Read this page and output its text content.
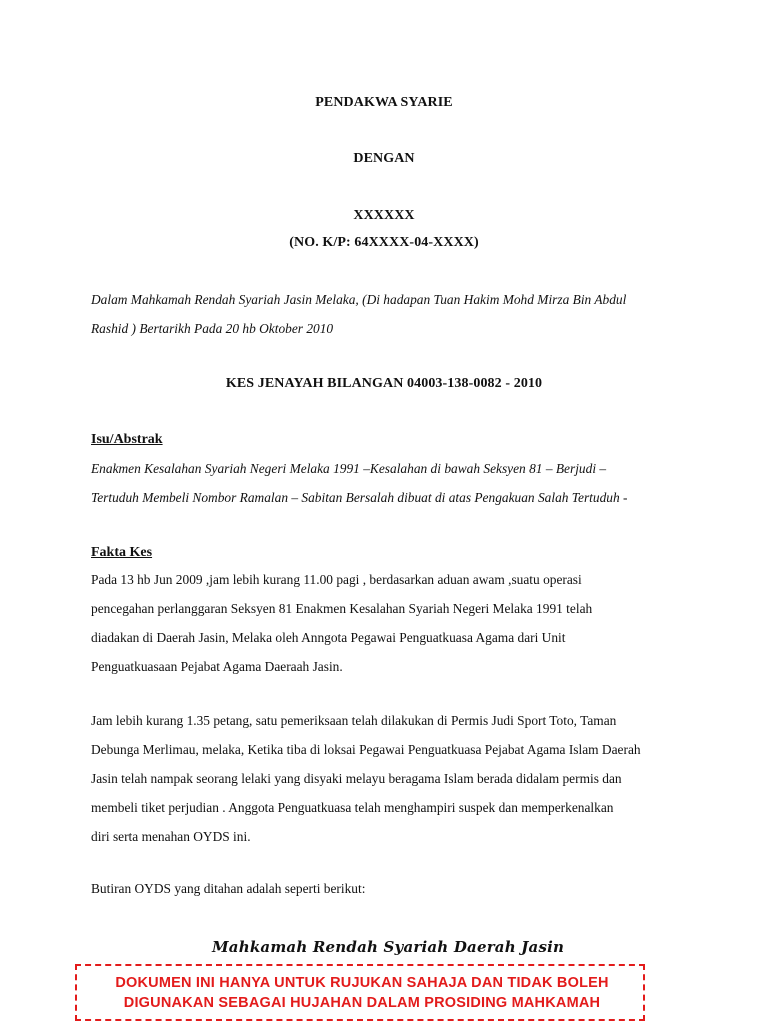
PENDAKWA SYARIE
DENGAN
XXXXXX
(NO. K/P: 64XXXX-04-XXXX)
Dalam Mahkamah Rendah Syariah Jasin Melaka, (Di hadapan Tuan Hakim Mohd Mirza Bin Abdul
Rashid ) Bertarikh Pada 20 hb Oktober 2010
KES JENAYAH BILANGAN 04003-138-0082 - 2010
Isu/Abstrak
Enakmen Kesalahan Syariah Negeri Melaka 1991 –Kesalahan di bawah Seksyen 81 – Berjudi –
Tertuduh Membeli Nombor Ramalan – Sabitan Bersalah dibuat di atas Pengakuan Salah Tertuduh -
Fakta Kes
Pada 13 hb Jun 2009 ,jam lebih kurang 11.00 pagi , berdasarkan aduan awam ,suatu operasi
pencegahan perlanggaran Seksyen 81 Enakmen Kesalahan Syariah Negeri Melaka 1991 telah
diadakan di Daerah Jasin, Melaka oleh Anngota Pegawai Penguatkuasa Agama dari Unit
Penguatkuasaan Pejabat Agama Daeraah Jasin.
Jam lebih kurang 1.35 petang, satu pemeriksaan telah dilakukan di Permis Judi Sport Toto, Taman
Debunga Merlimau, melaka, Ketika tiba di loksai Pegawai Penguatkuasa Pejabat Agama Islam Daerah
Jasin telah nampak seorang lelaki yang disyaki melayu beragama Islam berada didalam permis dan
membeli tiket perjudian . Anggota Penguatkuasa telah menghampiri suspek dan memperkenalkan
diri serta menahan OYDS ini.
Butiran OYDS yang ditahan adalah seperti berikut:
Mahkamah Rendah Syariah Daerah Jasin
DOKUMEN INI HANYA UNTUK RUJUKAN SAHAJA DAN TIDAK BOLEH
DIGUNAKAN SEBAGAI HUJAHAN DALAM PROSIDING MAHKAMAH
